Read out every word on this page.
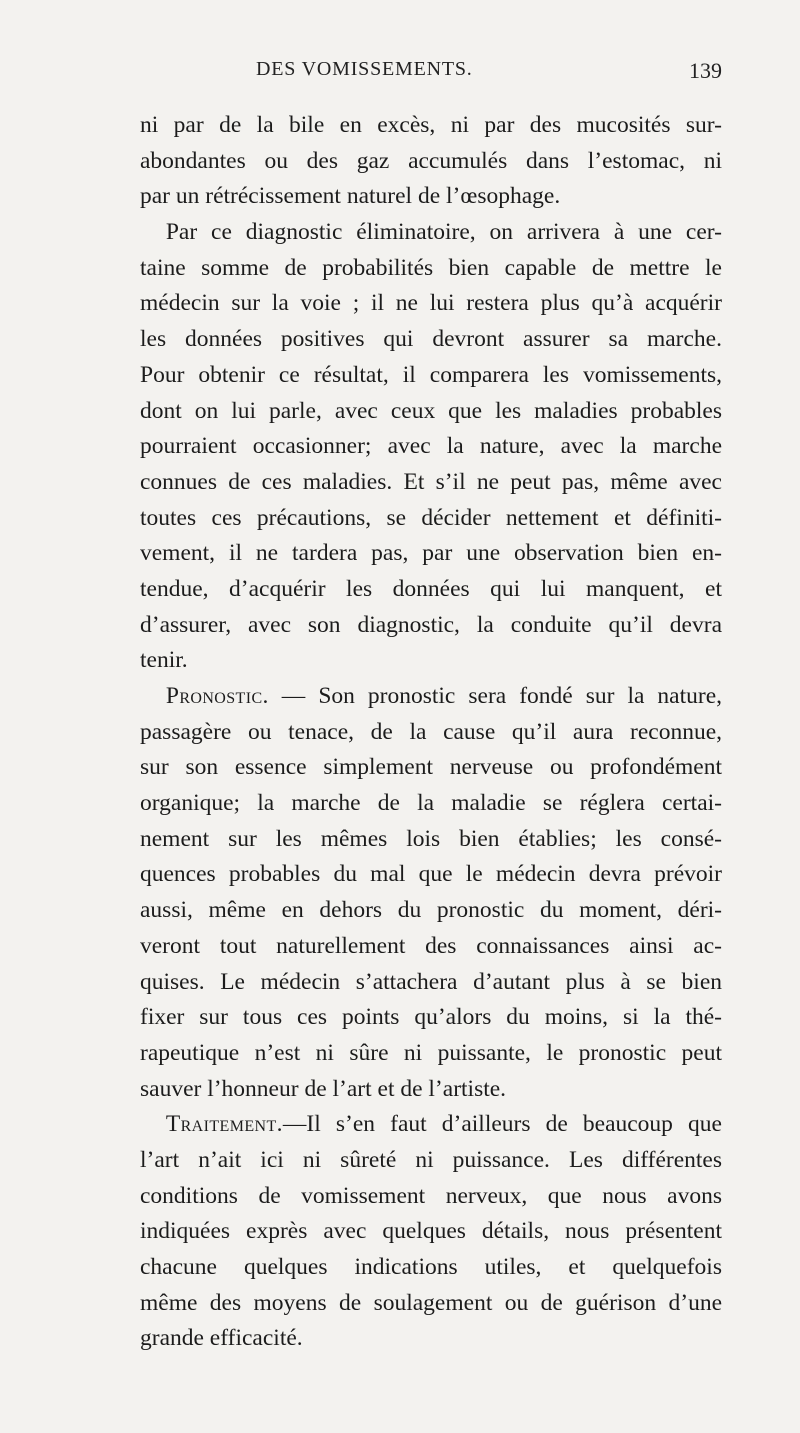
DES VOMISSEMENTS.	139
ni par de la bile en excès, ni par des mucosités sur-
abondantes ou des gaz accumulés dans l’estomac, ni
par un rétrécissement naturel de l’œsophage.
Par ce diagnostic éliminatoire, on arrivera à une cer-
taine somme de probabilités bien capable de mettre le
médecin sur la voie ; il ne lui restera plus qu’à acquérir
les données positives qui devront assurer sa marche.
Pour obtenir ce résultat, il comparera les vomissements,
dont on lui parle, avec ceux que les maladies probables
pourraient occasionner; avec la nature, avec la marche
connues de ces maladies. Et s’il ne peut pas, même avec
toutes ces précautions, se décider nettement et définiti-
vement, il ne tardera pas, par une observation bien en-
tendue, d’acquérir les données qui lui manquent, et
d’assurer, avec son diagnostic, la conduite qu’il devra
tenir.
Pronostic. — Son pronostic sera fondé sur la nature,
passagère ou tenace, de la cause qu’il aura reconnue,
sur son essence simplement nerveuse ou profondément
organique; la marche de la maladie se réglera certai-
nement sur les mêmes lois bien établies; les consé-
quences probables du mal que le médecin devra prévoir
aussi, même en dehors du pronostic du moment, déri-
veront tout naturellement des connaissances ainsi ac-
quises. Le médecin s’attachera d’autant plus à se bien
fixer sur tous ces points qu’alors du moins, si la thé-
rapeutique n’est ni sûre ni puissante, le pronostic peut
sauver l’honneur de l’art et de l’artiste.
Traitement.—Il s’en faut d’ailleurs de beaucoup que
l’art n’ait ici ni sûreté ni puissance. Les différentes
conditions de vomissement nerveux, que nous avons
indiquées exprès avec quelques détails, nous présentent
chacune quelques indications utiles, et quelquefois
même des moyens de soulagement ou de guérison d’une
grande efficacité.
